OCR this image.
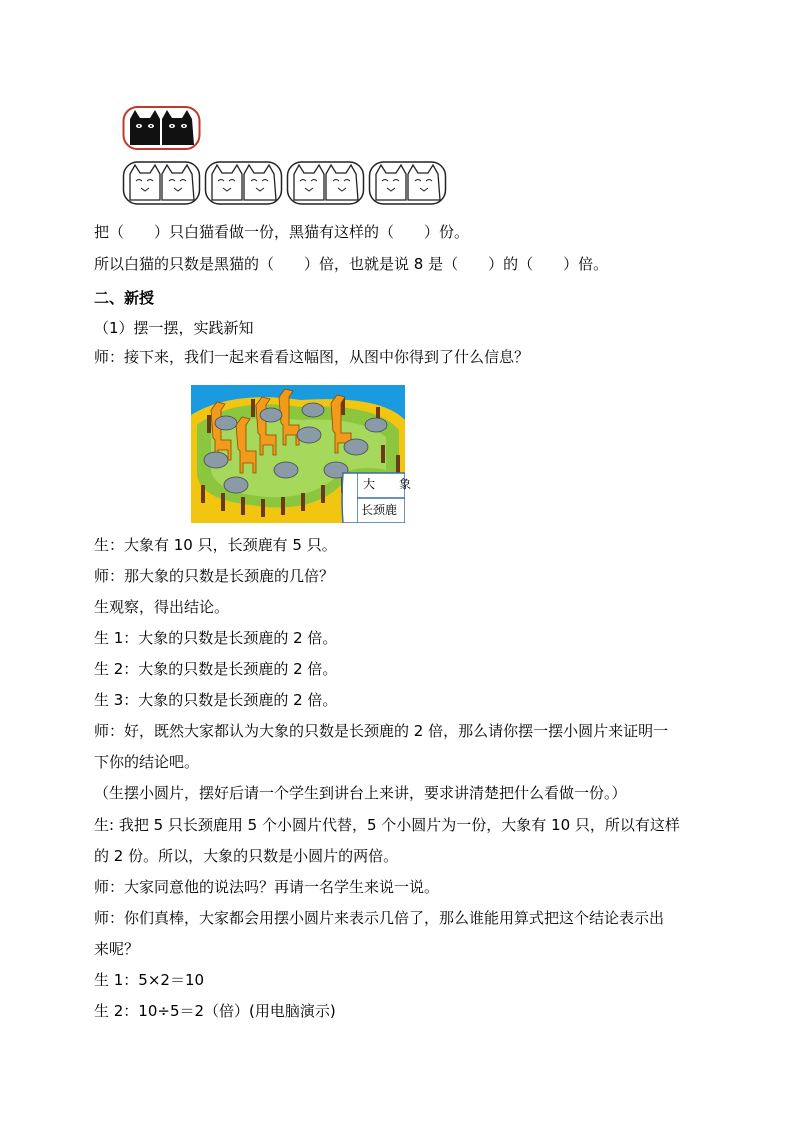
把（　　）只白猫看做一份，黑猫有这样的（　　）份。
所以白猫的只数是黑猫的（　　）倍，也就是说 8 是（　　）的（　　）倍。
二、新授
（1）摆一摆，实践新知
师：接下来，我们一起来看看这幅图，从图中你得到了什么信息？
大　　象
长颈鹿
生：大象有 10 只，长颈鹿有 5 只。
师：那大象的只数是长颈鹿的几倍？
生观察，得出结论。
生 1：大象的只数是长颈鹿的 2 倍。
生 2：大象的只数是长颈鹿的 2 倍。
生 3：大象的只数是长颈鹿的 2 倍。
师：好，既然大家都认为大象的只数是长颈鹿的 2 倍，那么请你摆一摆小圆片来证明一
下你的结论吧。
（生摆小圆片，摆好后请一个学生到讲台上来讲，要求讲清楚把什么看做一份。）
生: 我把 5 只长颈鹿用 5 个小圆片代替，5 个小圆片为一份，大象有 10 只，所以有这样
的 2 份。所以，大象的只数是小圆片的两倍。
师：大家同意他的说法吗？再请一名学生来说一说。
师：你们真棒，大家都会用摆小圆片来表示几倍了，那么谁能用算式把这个结论表示出
来呢？
生 1：5×2＝10
生 2：10÷5＝2（倍）(用电脑演示)
